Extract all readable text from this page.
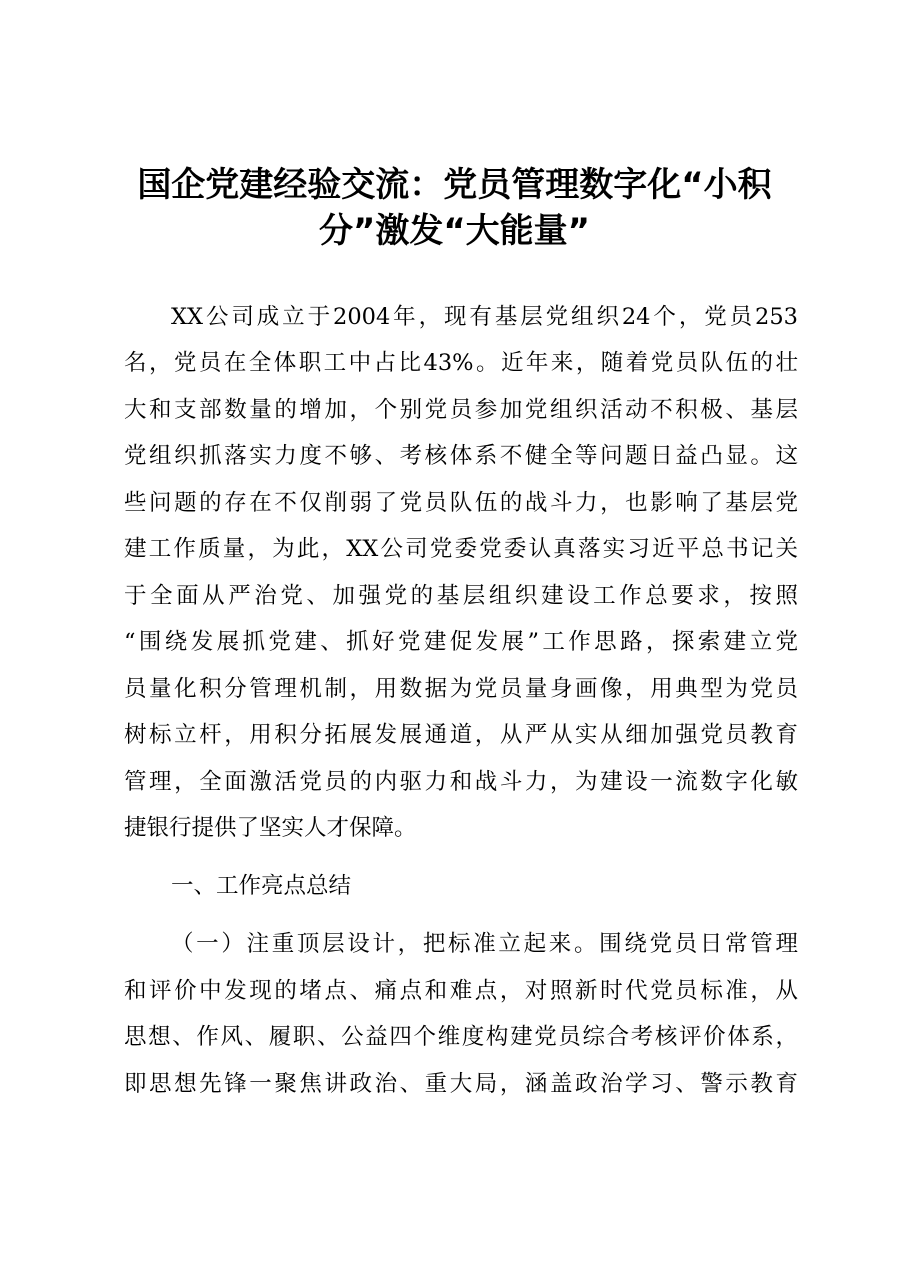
国企党建经验交流：党员管理数字化“小积
分”激发“大能量”

XX公司成立于2004年，现有基层党组织24个，党员253

名，党员在全体职工中占比43%。近年来，随着党员队伍的壮

大和支部数量的增加，个别党员参加党组织活动不积极、基层

党组织抓落实力度不够、考核体系不健全等问题日益凸显。这

些问题的存在不仅削弱了党员队伍的战斗力，也影响了基层党

建工作质量，为此，XX公司党委党委认真落实习近平总书记关

于全面从严治党、加强党的基层组织建设工作总要求，按照

“围绕发展抓党建、抓好党建促发展”工作思路，探索建立党

员量化积分管理机制，用数据为党员量身画像，用典型为党员

树标立杆，用积分拓展发展通道，从严从实从细加强党员教育

管理，全面激活党员的内驱力和战斗力，为建设一流数字化敏

捷银行提供了坚实人才保障。

一、工作亮点总结

（一）注重顶层设计，把标准立起来。围绕党员日常管理

和评价中发现的堵点、痛点和难点，对照新时代党员标准，从

思想、作风、履职、公益四个维度构建党员综合考核评价体系，

即思想先锋一聚焦讲政治、重大局，涵盖政治学习、警示教育
